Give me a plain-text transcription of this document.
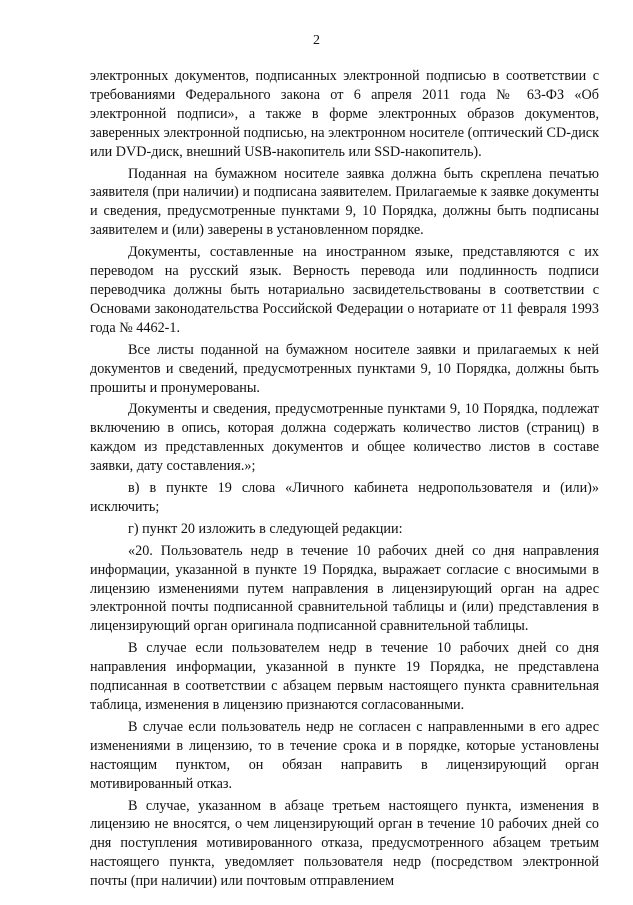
2

электронных документов, подписанных электронной подписью в соответствии с требованиями Федерального закона от 6 апреля 2011 года № 63-ФЗ «Об электронной подписи», а также в форме электронных образов документов, заверенных электронной подписью, на электронном носителе (оптический CD-диск или DVD-диск, внешний USB-накопитель или SSD-накопитель).

Поданная на бумажном носителе заявка должна быть скреплена печатью заявителя (при наличии) и подписана заявителем. Прилагаемые к заявке документы и сведения, предусмотренные пунктами 9, 10 Порядка, должны быть подписаны заявителем и (или) заверены в установленном порядке.

Документы, составленные на иностранном языке, представляются с их переводом на русский язык. Верность перевода или подлинность подписи переводчика должны быть нотариально засвидетельствованы в соответствии с Основами законодательства Российской Федерации о нотариате от 11 февраля 1993 года № 4462-1.

Все листы поданной на бумажном носителе заявки и прилагаемых к ней документов и сведений, предусмотренных пунктами 9, 10 Порядка, должны быть прошиты и пронумерованы.

Документы и сведения, предусмотренные пунктами 9, 10 Порядка, подлежат включению в опись, которая должна содержать количество листов (страниц) в каждом из представленных документов и общее количество листов в составе заявки, дату составления.»;

в) в пункте 19 слова «Личного кабинета недропользователя и (или)» исключить;

г) пункт 20 изложить в следующей редакции:

«20. Пользователь недр в течение 10 рабочих дней со дня направления информации, указанной в пункте 19 Порядка, выражает согласие с вносимыми в лицензию изменениями путем направления в лицензирующий орган на адрес электронной почты подписанной сравнительной таблицы и (или) представления в лицензирующий орган оригинала подписанной сравнительной таблицы.

В случае если пользователем недр в течение 10 рабочих дней со дня направления информации, указанной в пункте 19 Порядка, не представлена подписанная в соответствии с абзацем первым настоящего пункта сравнительная таблица, изменения в лицензию признаются согласованными.

В случае если пользователь недр не согласен с направленными в его адрес изменениями в лицензию, то в течение срока и в порядке, которые установлены настоящим пунктом, он обязан направить в лицензирующий орган мотивированный отказ.

В случае, указанном в абзаце третьем настоящего пункта, изменения в лицензию не вносятся, о чем лицензирующий орган в течение 10 рабочих дней со дня поступления мотивированного отказа, предусмотренного абзацем третьим настоящего пункта, уведомляет пользователя недр (посредством электронной почты (при наличии) или почтовым отправлением
